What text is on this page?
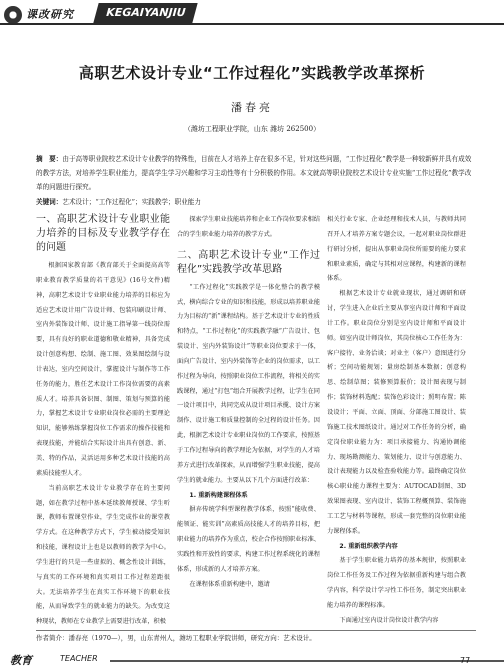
课改研究	KEGAIYANJIU
高职艺术设计专业“工作过程化”实践教学改革探析
潘春亮
（潍坊工程职业学院，山东 潍坊 262500）
摘　要：由于高等职业院校艺术设计专业教学的特殊性，目前在人才培养上存在很多不足，针对这些问题，“工作过程化”教学是一种较新鲜并具有成效的教学方法，对培养学生职业能力，提高学生学习兴趣和学习主动性等有十分积极的作用。本文就高等职业院校艺术设计专业实施“工作过程化”教学改革的问题进行探究。
关键词：艺术设计；“工作过程化”；实践教学；职业能力
一、高职艺术设计专业职业能力培养的目标及专业教学存在的问题

根据国家教育部《教育部关于全面提高高等职业教育教学质量的若干意见》(16号文件)精神，高职艺术设计专业职业能力培养的目标应为适应艺术设计用广告设计师、包装印刷设计师、室内外装饰设计师、设计施工指导第一线岗位需要，具有良好的职业道德和敬业精神，具备完成设计创意构想、绘制、施工图、效果图绘制与设计表达，室内空间设计，掌握设计与制作等工作任务的能力，胜任艺术设计工作岗位需要的高素质人才。培养具备识图、制图、策划与预算的能力，掌握艺术设计专业职业岗位必需的主要理论知识，能够熟练掌握岗位工作需求的操作技能和表现技能，并能结合实际设计出具有创意、新、美、特的作品，灵活运用多种艺术设计技能的高素质技能型人才。

当前高职艺术设计专业教学存在的主要问题，如在教学过程中基本延续教师授课、学生听课，教师布置课堂作业，学生完成作业的课堂教学方式。在这种教学方式下，学生被动接受知识和技能，课程设计上也是以教师的教学为中心。学生进行的只是一些虚拟的、概念性设计训练，与真实的工作环境和真实项目工作过程差距很大。无法培养学生在真实工作环境下的职业技能，从而导致学生的就业能力的缺失。为改变这种现状，教师在专业教学上需要进行改革，积极

探索学生职业技能培养和企业工作岗位要求相结合的学生职业能力培养的教学方式。

二、高职艺术设计专业“工作过程化”实践教学改革思路

“工作过程化”实践教学是一体化整合的教学模式，横向综合专业的知识和技能，形成以培养职业能力为目标的“新”课程结构。基于艺术设计专业的性质和特点，“工作过程化”的实践教学融“广告设计、包装设计、室内外装饰设计”等职业岗位要求于一体，面向广告设计、室内外装饰等企业的岗位需求，以工作过程为导向，按照职业岗位工作流程，将相关的实践课程，通过“打包”组合开展教学过程，让学生在同一设计项目中，共同完成从设计项目承揽、设计方案制作、设计施工和质量控制的全过程的设计任务。因此，根据艺术设计专业职业岗位的工作要求，按照基于工作过程导向的教学理论为依据，对学生的人才培养方式进行改革探索，从而增强学生职业技能，提高学生的就业能力。主要从以下几个方面进行改革：

1. 重新构建课程体系

摒弃传统学科型课程教学体系，按照“能收费、能领证、能实训”高素质高技能人才的培养目标，把职业能力的培养作为重点，校企合作按照职业标准、实践性和开放性的要求，构建工作过程系统化的课程体系，形成新的人才培养方案。

在课程体系重新构建中，邀请

相关行业专家、企业经理和技术人员，与教师共同召开人才培养方案专题会议，一起对职业岗位群进行研讨分析，提出从事职业岗位所需要的能力要求和职业素质，确定与其相对应课程，构建新的课程体系。

根据艺术设计专业就业现状，通过调研和研讨，学生进入企业后主要从事室内设计师和平面设计工作。职业岗位分别是室内设计师和平面设计师。如室内设计师岗位，其岗位核心工作任务为：客户接待、业务洽谈；对业主（客户）意图进行分析；空间功能规划；量房绘制基本数据；创意构思、绘制草图；装修预算报价；设计图表现与制作；装饰材料选配；装饰色彩设计；照明布置；陈设设计；平面、立面、顶面、分部施工图设计、装饰施工技术图纸设计。通过对工作任务的分析，确定岗位职业能力为：项目承接能力、沟通协调能力、现场勘测能力、策划能力、设计与创意能力、设计表现能力以及检查验收能力等。最终确定岗位核心职业能力课程主要为：AUTOCAD制图、3D效果图表现、室内设计、装饰工程概预算、装饰施工工艺与材料等课程，形成一套完整的岗位职业能力课程体系。

2. 重新组织教学内容

基于学生职业能力培养的基本规律，按照职业岗位工作任务及工作过程为依据重新构建与组合教学内容，科学设计学习性工作任务，制定突出职业能力培养的课程标准。

下面通过室内设计岗位设计教学内容

作者简介：潘春亮（1970—），男，山东青州人，潍坊工程职业学院讲师，研究方向：艺术设计。
教育	TEACHER	77
